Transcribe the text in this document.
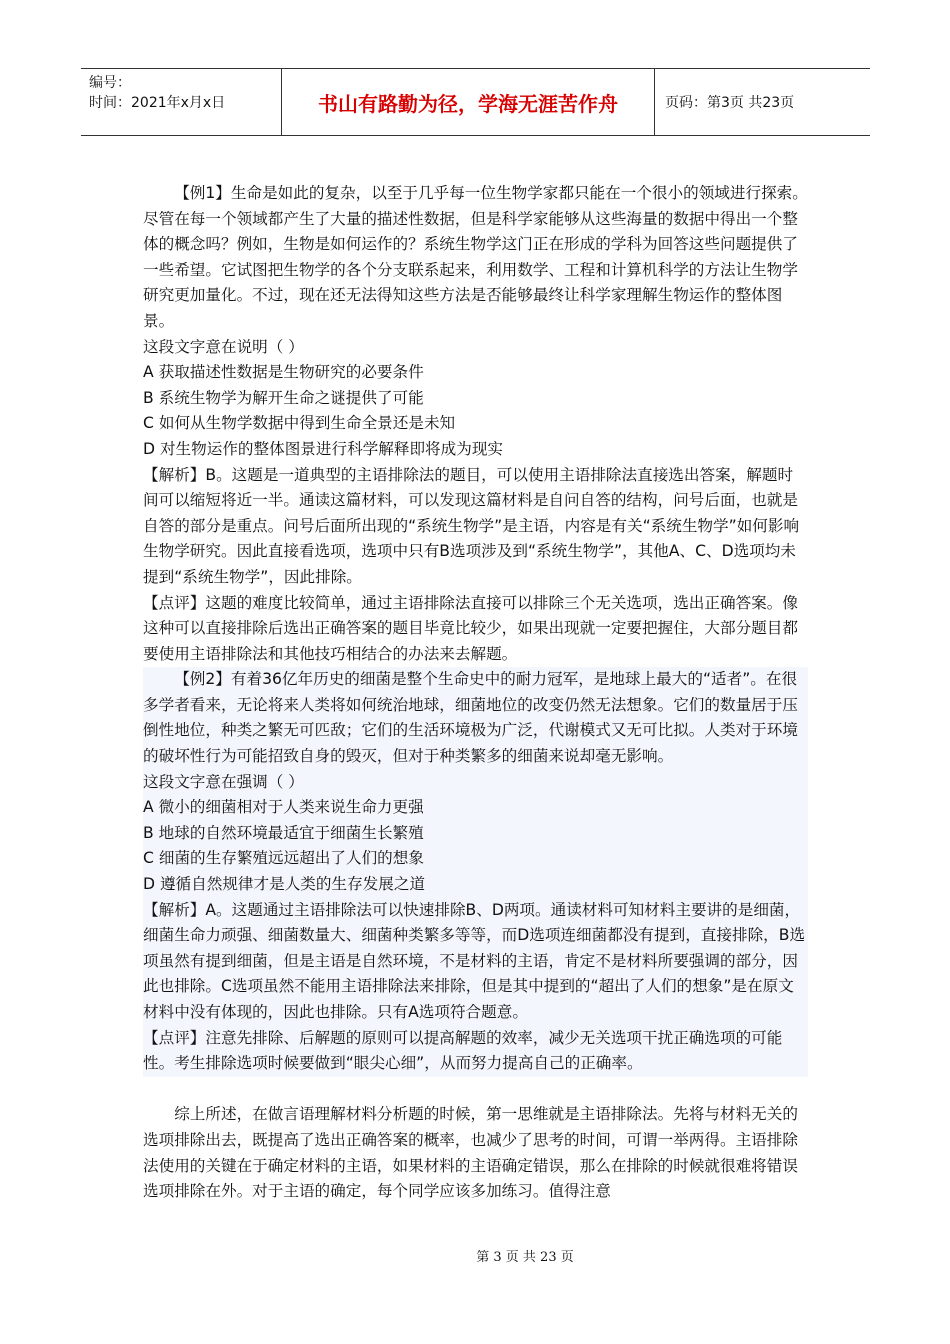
编号：
时间：2021年x月x日	书山有路勤为径，学海无涯苦作舟	页码：第3页 共23页

【例1】生命是如此的复杂，以至于几乎每一位生物学家都只能在一个很小的领域进行探索。尽管在每一个领域都产生了大量的描述性数据，但是科学家能够从这些海量的数据中得出一个整体的概念吗？例如，生物是如何运作的？系统生物学这门正在形成的学科为回答这些问题提供了一些希望。它试图把生物学的各个分支联系起来，利用数学、工程和计算机科学的方法让生物学研究更加量化。不过，现在还无法得知这些方法是否能够最终让科学家理解生物运作的整体图景。

这段文字意在说明（ ）

A 获取描述性数据是生物研究的必要条件

B 系统生物学为解开生命之谜提供了可能

C 如何从生物学数据中得到生命全景还是未知

D 对生物运作的整体图景进行科学解释即将成为现实

【解析】B。这题是一道典型的主语排除法的题目，可以使用主语排除法直接选出答案，解题时间可以缩短将近一半。通读这篇材料，可以发现这篇材料是自问自答的结构，问号后面，也就是自答的部分是重点。问号后面所出现的“系统生物学”是主语，内容是有关“系统生物学”如何影响生物学研究。因此直接看选项，选项中只有B选项涉及到“系统生物学”，其他A、C、D选项均未提到“系统生物学”，因此排除。

【点评】这题的难度比较简单，通过主语排除法直接可以排除三个无关选项，选出正确答案。像这种可以直接排除后选出正确答案的题目毕竟比较少，如果出现就一定要把握住，大部分题目都要使用主语排除法和其他技巧相结合的办法来去解题。

【例2】有着36亿年历史的细菌是整个生命史中的耐力冠军，是地球上最大的“适者”。在很多学者看来，无论将来人类将如何统治地球，细菌地位的改变仍然无法想象。它们的数量居于压倒性地位，种类之繁无可匹敌；它们的生活环境极为广泛，代谢模式又无可比拟。人类对于环境的破坏性行为可能招致自身的毁灭，但对于种类繁多的细菌来说却毫无影响。

这段文字意在强调（ ）

A 微小的细菌相对于人类来说生命力更强

B 地球的自然环境最适宜于细菌生长繁殖

C 细菌的生存繁殖远远超出了人们的想象

D 遵循自然规律才是人类的生存发展之道

【解析】A。这题通过主语排除法可以快速排除B、D两项。通读材料可知材料主要讲的是细菌，细菌生命力顽强、细菌数量大、细菌种类繁多等等，而D选项连细菌都没有提到，直接排除，B选项虽然有提到细菌，但是主语是自然环境，不是材料的主语，肯定不是材料所要强调的部分，因此也排除。C选项虽然不能用主语排除法来排除，但是其中提到的“超出了人们的想象”是在原文材料中没有体现的，因此也排除。只有A选项符合题意。

【点评】注意先排除、后解题的原则可以提高解题的效率，减少无关选项干扰正确选项的可能性。考生排除选项时候要做到“眼尖心细”，从而努力提高自己的正确率。

综上所述，在做言语理解材料分析题的时候，第一思维就是主语排除法。先将与材料无关的选项排除出去，既提高了选出正确答案的概率，也减少了思考的时间，可谓一举两得。主语排除法使用的关键在于确定材料的主语，如果材料的主语确定错误，那么在排除的时候就很难将错误选项排除在外。对于主语的确定，每个同学应该多加练习。值得注意

第 3 页 共 23 页
